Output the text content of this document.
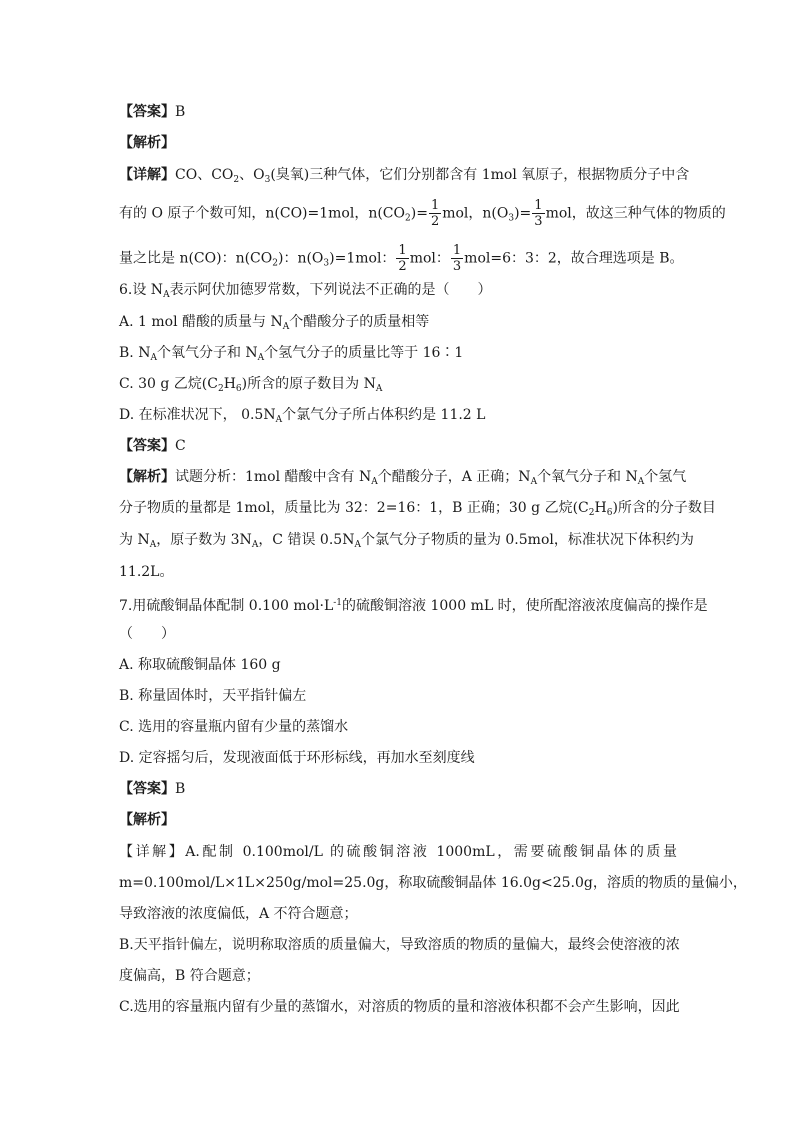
【答案】B
【解析】
【详解】CO、$CO_2$、$O_3$(臭氧)三种气体，它们分别都含有 1mol 氧原子，根据物质分子中含
有的 O 原子个数可知，n(CO)=1mol，$n(CO_2)= \frac{1}{2}$ mol，$n(O_3)= \frac{1}{3}$ mol，故这三种气体的物质的
量之比是 n(CO)：$n(CO_2)$：$n(O_3)=1mol$： $\frac{1}{2}$ mol： $\frac{1}{3} mol=6$：3：2，故合理选项是 B。
6.设 $N_A$表示阿伏加德罗常数，下列说法不正确的是（　　）
A. 1 mol 醋酸的质量与 $N_A$个醋酸分子的质量相等
B. $N_A$个氧气分子和 $N_A$个氢气分子的质量比等于 16∶1
C. 30 g 乙烷$(C_2H_6)$所含的原子数目为 $N_A$
D. 在标准状况下， $0.5N_A$个氯气分子所占体积约是 11.2 L
【答案】C
【解析】试题分析：1mol 醋酸中含有 $N_A$个醋酸分子，A 正确；$N_A$个氧气分子和 $N_A$个氢气
分子物质的量都是 1mol，质量比为 32：2=16：1，B 正确；30 g 乙烷$(C_2H_6)$所含的分子数目
为 $N_A$，原子数为 $3N_A$，C 错误 $0.5N_A$个氯气分子物质的量为 0.5mol，标准状况下体积约为
11.2L。
7.用硫酸铜晶体配制 0.100 $mol\cdot L^{-1}$的硫酸铜溶液 1000 mL 时，使所配溶液浓度偏高的操作是
（　　）
A. 称取硫酸铜晶体 160 g
B. 称量固体时，天平指针偏左
C. 选用的容量瓶内留有少量的蒸馏水
D. 定容摇匀后，发现液面低于环形标线，再加水至刻度线
【答案】B
【解析】
【详解】A.配制 0.100mol/L 的硫酸铜溶液 1000mL，需要硫酸铜晶体的质量
m=0.100mol/L×1L×250g/mol=25.0g，称取硫酸铜晶体 16.0g<25.0g，溶质的物质的量偏小，
导致溶液的浓度偏低，A 不符合题意；
B.天平指针偏左，说明称取溶质的质量偏大，导致溶质的物质的量偏大，最终会使溶液的浓
度偏高，B 符合题意；
C.选用的容量瓶内留有少量的蒸馏水，对溶质的物质的量和溶液体积都不会产生影响，因此
